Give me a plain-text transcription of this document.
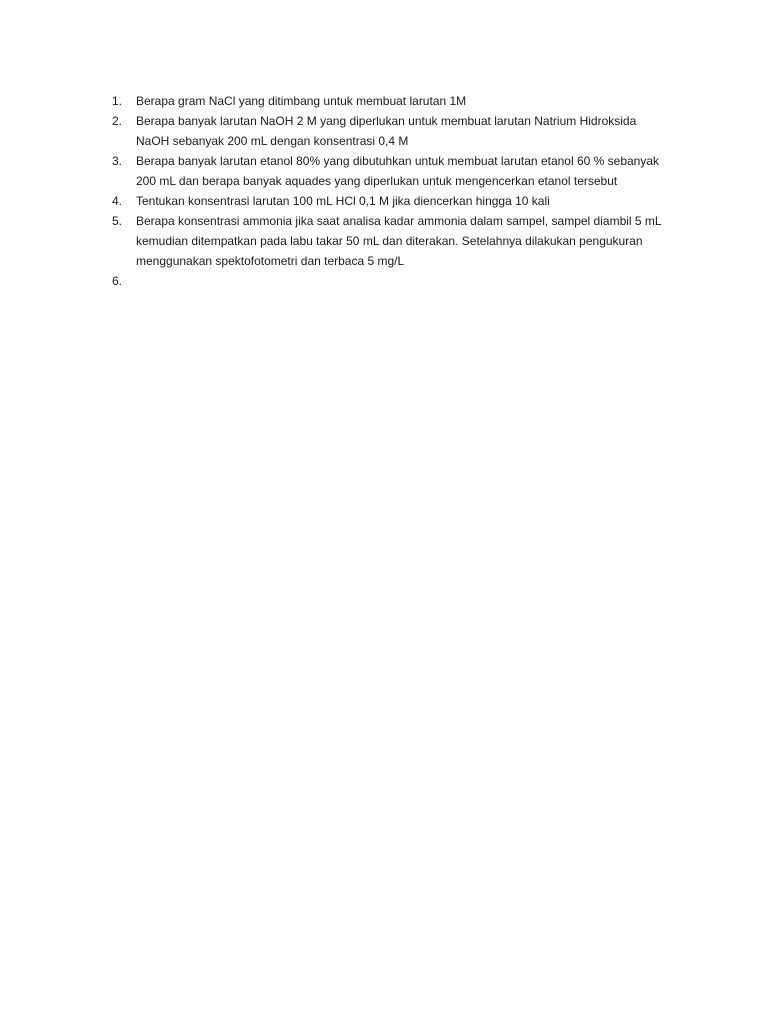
1.	Berapa gram NaCl yang ditimbang untuk membuat larutan 1M
2.	Berapa banyak larutan NaOH 2 M yang diperlukan untuk membuat larutan Natrium Hidroksida NaOH sebanyak 200 mL dengan konsentrasi 0,4 M
3.	Berapa banyak larutan etanol 80% yang dibutuhkan untuk membuat larutan etanol 60 % sebanyak 200 mL dan berapa banyak aquades yang diperlukan untuk mengencerkan etanol tersebut
4.	Tentukan konsentrasi larutan 100 mL HCl 0,1 M jika diencerkan hingga 10 kali
5.	Berapa konsentrasi ammonia jika saat analisa kadar ammonia dalam sampel, sampel diambil 5 mL kemudian ditempatkan pada labu takar 50 mL dan diterakan. Setelahnya dilakukan pengukuran menggunakan spektofotometri dan terbaca 5 mg/L
6.
